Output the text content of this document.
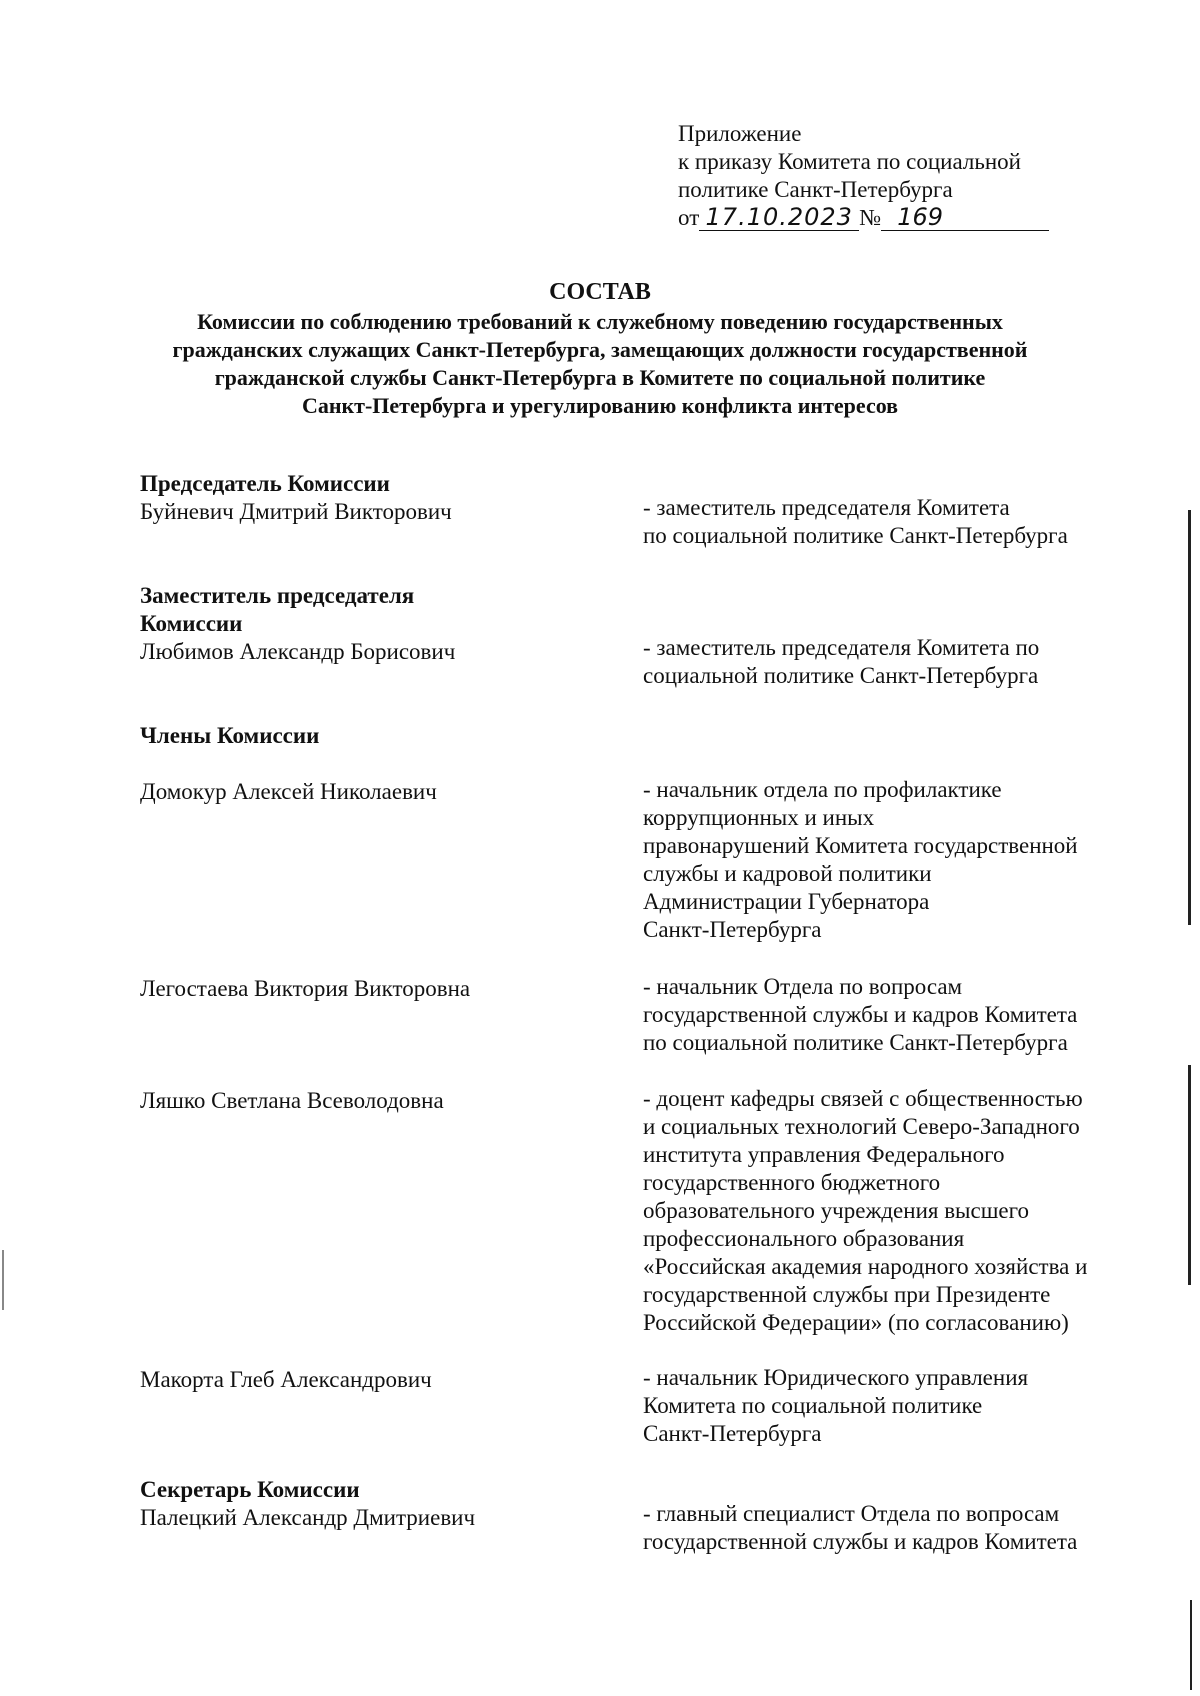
Приложение
к приказу Комитета по социальной
политике Санкт-Петербурга
от 17.10.2023 № 169
СОСТАВ
Комиссии по соблюдению требований к служебному поведению государственных
гражданских служащих Санкт-Петербурга, замещающих должности государственной
гражданской службы Санкт-Петербурга в Комитете по социальной политике
Санкт-Петербурга и урегулированию конфликта интересов
Председатель Комиссии
Буйневич Дмитрий Викторович	- заместитель председателя Комитета
по социальной политике Санкт-Петербурга
Заместитель председателя
Комиссии
Любимов Александр Борисович	- заместитель председателя Комитета по
социальной политике Санкт-Петербурга
Члены Комиссии
Домокур Алексей Николаевич	- начальник отдела по профилактике
коррупционных и иных
правонарушений Комитета государственной
службы и кадровой политики
Администрации Губернатора
Санкт-Петербурга
Легостаева Виктория Викторовна	- начальник Отдела по вопросам
государственной службы и кадров Комитета
по социальной политике Санкт-Петербурга
Ляшко Светлана Всеволодовна	- доцент кафедры связей с общественностью
и социальных технологий Северо-Западного
института управления Федерального
государственного бюджетного
образовательного учреждения высшего
профессионального образования
«Российская академия народного хозяйства и
государственной службы при Президенте
Российской Федерации» (по согласованию)
Макорта Глеб Александрович	- начальник Юридического управления
Комитета по социальной политике
Санкт-Петербурга
Секретарь Комиссии
Палецкий Александр Дмитриевич	- главный специалист Отдела по вопросам
государственной службы и кадров Комитета
